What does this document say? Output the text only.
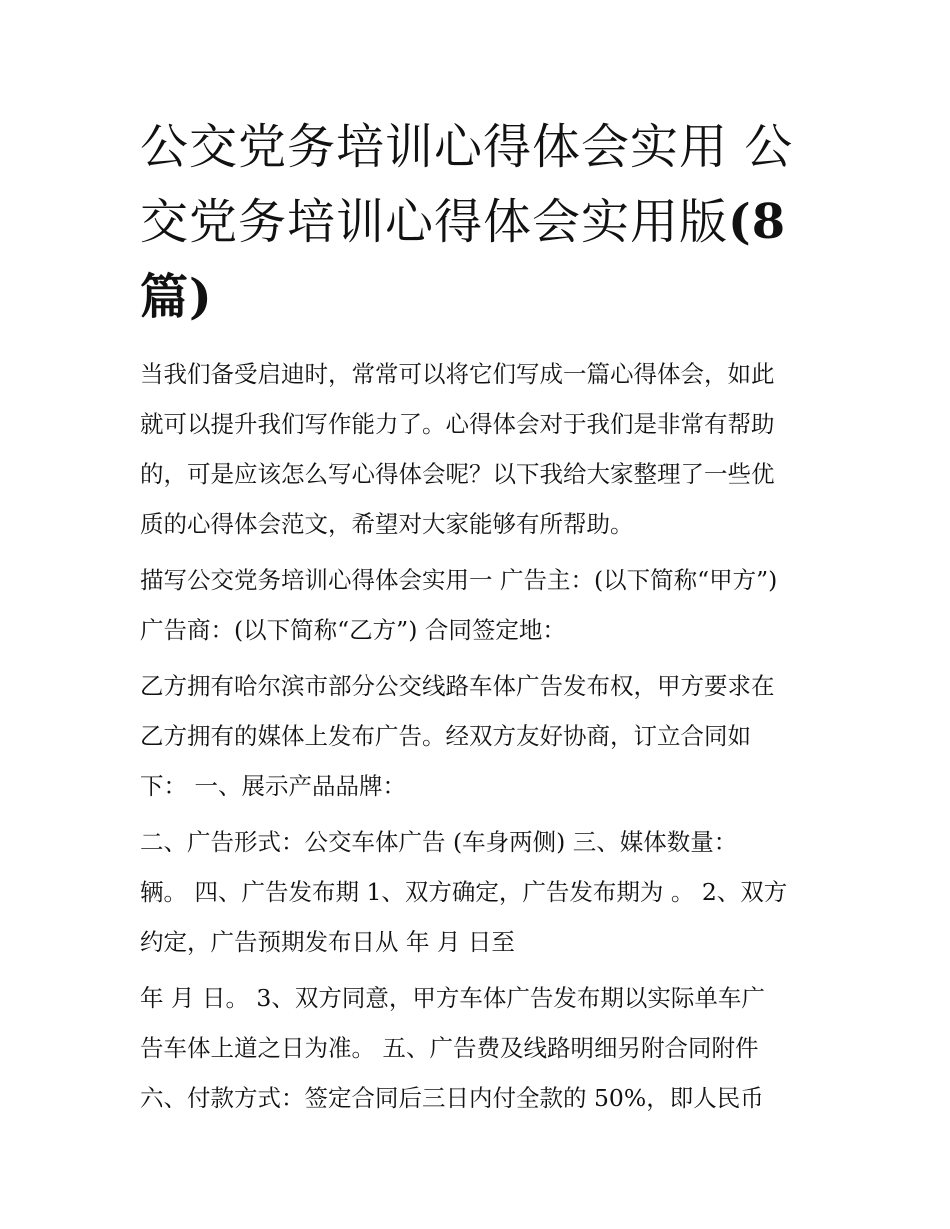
公交党务培训心得体会实用 公交党务培训心得体会实用版(8篇)

当我们备受启迪时，常常可以将它们写成一篇心得体会，如此
就可以提升我们写作能力了。心得体会对于我们是非常有帮助
的，可是应该怎么写心得体会呢？以下我给大家整理了一些优
质的心得体会范文，希望对大家能够有所帮助。

描写公交党务培训心得体会实用一 广告主：(以下简称“甲方”)
广告商：(以下简称“乙方”) 合同签定地：

乙方拥有哈尔滨市部分公交线路车体广告发布权，甲方要求在
乙方拥有的媒体上发布广告。经双方友好协商，订立合同如
下： 一、展示产品品牌：

二、广告形式：公交车体广告 (车身两侧) 三、媒体数量：
辆。 四、广告发布期 1、双方确定，广告发布期为 。 2、双方
约定，广告预期发布日从 年 月 日至

年 月 日。 3、双方同意，甲方车体广告发布期以实际单车广
告车体上道之日为准。 五、广告费及线路明细另附合同附件
六、付款方式：签定合同后三日内付全款的 50%，即人民币
